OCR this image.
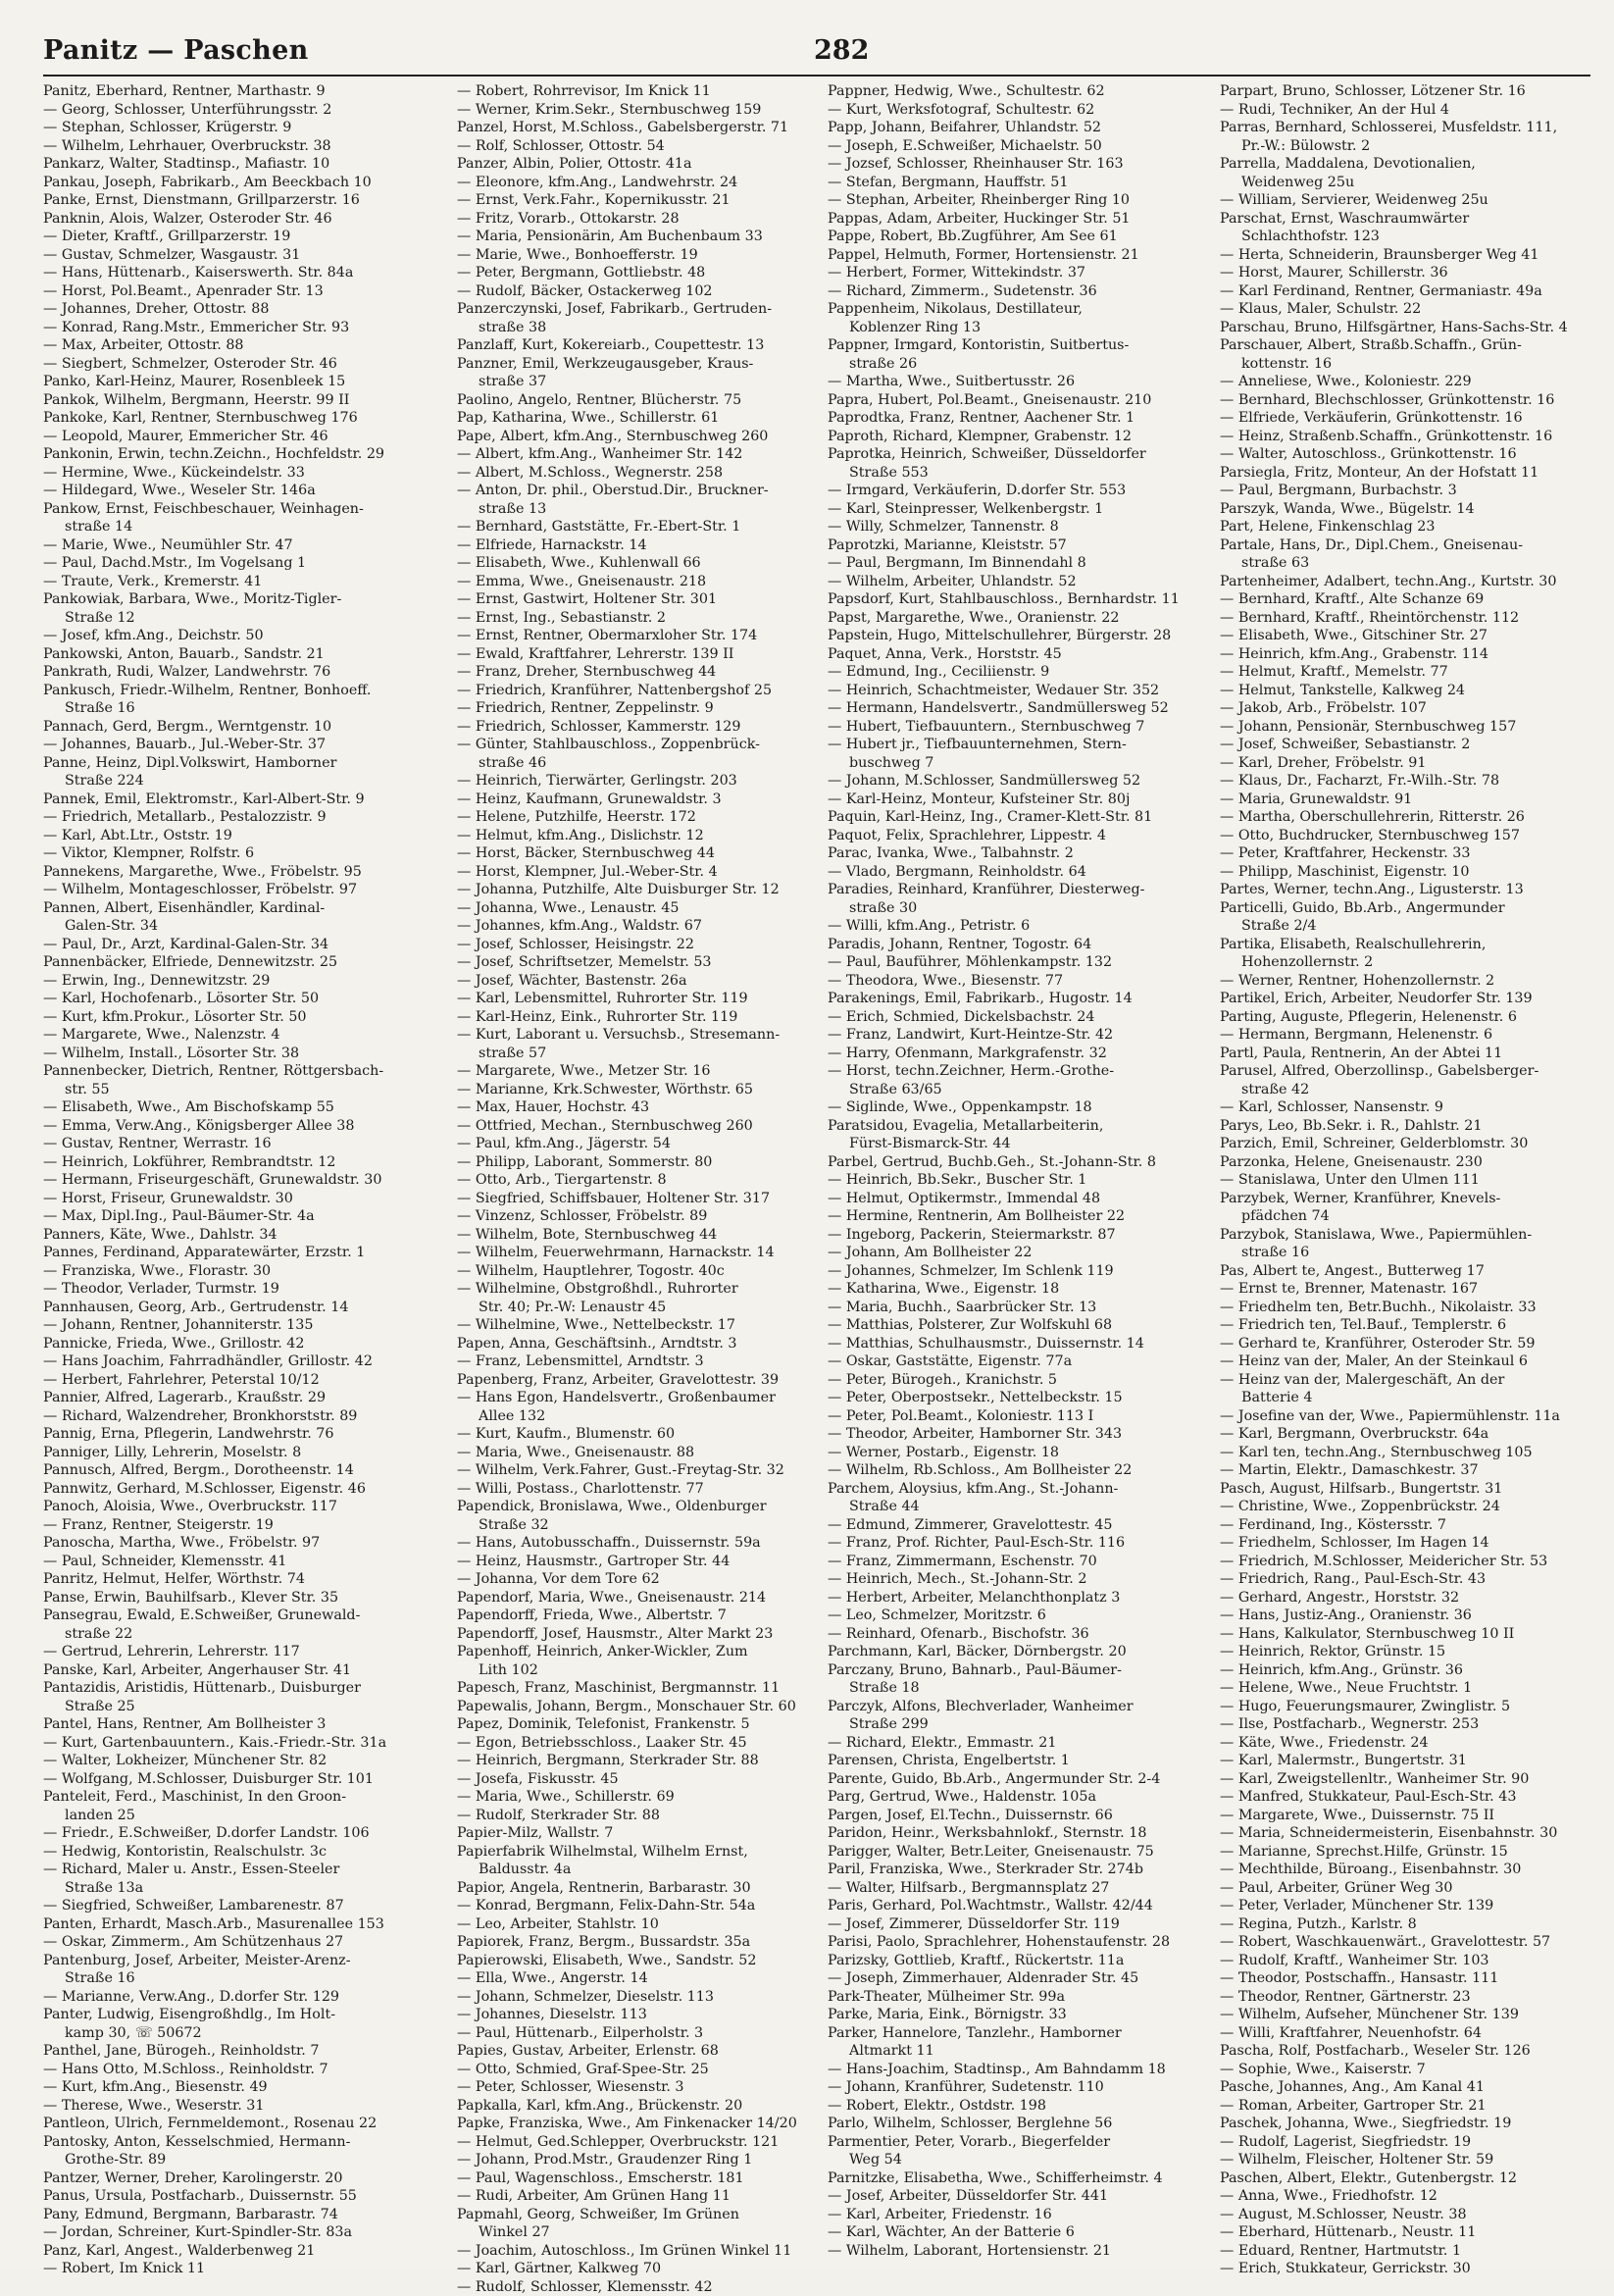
Panitz — Paschen	282
Panitz, Eberhard, Rentner, Marthastr. 9
— Georg, Schlosser, Unterführungsstr. 2
— Stephan, Schlosser, Krügerstr. 9
— Wilhelm, Lehrhauer, Overbruckstr. 38
Pankarz, Walter, Stadtinsp., Mafiastr. 10
Pankau, Joseph, Fabrikarb., Am Beeckbach 10
Panke, Ernst, Dienstmann, Grillparzerstr. 16
Panknin, Alois, Walzer, Osteroder Str. 46
— Dieter, Kraftf., Grillparzerstr. 19
— Gustav, Schmelzer, Wasgaustr. 31
— Hans, Hüttenarb., Kaiserswerth. Str. 84a
— Horst, Pol.Beamt., Apenrader Str. 13
— Johannes, Dreher, Ottostr. 88
— Konrad, Rang.Mstr., Emmericher Str. 93
— Max, Arbeiter, Ottostr. 88
— Siegbert, Schmelzer, Osteroder Str. 46
Panko, Karl-Heinz, Maurer, Rosenbleek 15
Pankok, Wilhelm, Bergmann, Heerstr. 99 II
Pankoke, Karl, Rentner, Sternbuschweg 176
— Leopold, Maurer, Emmericher Str. 46
Pankonin, Erwin, techn.Zeichn., Hochfeldstr. 29
— Hermine, Wwe., Kückeindelstr. 33
— Hildegard, Wwe., Weseler Str. 146a
Pankow, Ernst, Feischbeschauer, Weinhagen-
straße 14
— Marie, Wwe., Neumühler Str. 47
— Paul, Dachd.Mstr., Im Vogelsang 1
— Traute, Verk., Kremerstr. 41
Pankowiak, Barbara, Wwe., Moritz-Tigler-
Straße 12
— Josef, kfm.Ang., Deichstr. 50
Pankowski, Anton, Bauarb., Sandstr. 21
Pankrath, Rudi, Walzer, Landwehrstr. 76
Pankusch, Friedr.-Wilhelm, Rentner, Bonhoeff.
Straße 16
Pannach, Gerd, Bergm., Werntgenstr. 10
— Johannes, Bauarb., Jul.-Weber-Str. 37
Panne, Heinz, Dipl.Volkswirt, Hamborner
Straße 224
Pannek, Emil, Elektromstr., Karl-Albert-Str. 9
— Friedrich, Metallarb., Pestalozzistr. 9
— Karl, Abt.Ltr., Oststr. 19
— Viktor, Klempner, Rolfstr. 6
Pannekens, Margarethe, Wwe., Fröbelstr. 95
— Wilhelm, Montageschlosser, Fröbelstr. 97
Pannen, Albert, Eisenhändler, Kardinal-
Galen-Str. 34
— Paul, Dr., Arzt, Kardinal-Galen-Str. 34
Pannenbäcker, Elfriede, Dennewitzstr. 25
— Erwin, Ing., Dennewitzstr. 29
— Karl, Hochofenarb., Lösorter Str. 50
— Kurt, kfm.Prokur., Lösorter Str. 50
— Margarete, Wwe., Nalenzstr. 4
— Wilhelm, Install., Lösorter Str. 38
Pannenbecker, Dietrich, Rentner, Röttgersbach-
str. 55
— Elisabeth, Wwe., Am Bischofskamp 55
— Emma, Verw.Ang., Königsberger Allee 38
— Gustav, Rentner, Werrastr. 16
— Heinrich, Lokführer, Rembrandtstr. 12
— Hermann, Friseurgeschäft, Grunewaldstr. 30
— Horst, Friseur, Grunewaldstr. 30
— Max, Dipl.Ing., Paul-Bäumer-Str. 4a
Panners, Käte, Wwe., Dahlstr. 34
Pannes, Ferdinand, Apparatewärter, Erzstr. 1
— Franziska, Wwe., Florastr. 30
— Theodor, Verlader, Turmstr. 19
Pannhausen, Georg, Arb., Gertrudenstr. 14
— Johann, Rentner, Johanniterstr. 135
Pannicke, Frieda, Wwe., Grillostr. 42
— Hans Joachim, Fahrradhändler, Grillostr. 42
— Herbert, Fahrlehrer, Peterstal 10/12
Pannier, Alfred, Lagerarb., Kraußstr. 29
— Richard, Walzendreher, Bronkhorststr. 89
Pannig, Erna, Pflegerin, Landwehrstr. 76
Panniger, Lilly, Lehrerin, Moselstr. 8
Pannusch, Alfred, Bergm., Dorotheenstr. 14
Pannwitz, Gerhard, M.Schlosser, Eigenstr. 46
Panoch, Aloisia, Wwe., Overbruckstr. 117
— Franz, Rentner, Steigerstr. 19
Panoscha, Martha, Wwe., Fröbelstr. 97
— Paul, Schneider, Klemensstr. 41
Panritz, Helmut, Helfer, Wörthstr. 74
Panse, Erwin, Bauhilfsarb., Klever Str. 35
Pansegrau, Ewald, E.Schweißer, Grunewald-
straße 22
— Gertrud, Lehrerin, Lehrerstr. 117
Panske, Karl, Arbeiter, Angerhauser Str. 41
Pantazidis, Aristidis, Hüttenarb., Duisburger
Straße 25
Pantel, Hans, Rentner, Am Bollheister 3
— Kurt, Gartenbauuntern., Kais.-Friedr.-Str. 31a
— Walter, Lokheizer, Münchener Str. 82
— Wolfgang, M.Schlosser, Duisburger Str. 101
Panteleit, Ferd., Maschinist, In den Groon-
landen 25
— Friedr., E.Schweißer, D.dorfer Landstr. 106
— Hedwig, Kontoristin, Realschulstr. 3c
— Richard, Maler u. Anstr., Essen-Steeler
Straße 13a
— Siegfried, Schweißer, Lambarenestr. 87
Panten, Erhardt, Masch.Arb., Masurenallee 153
— Oskar, Zimmerm., Am Schützenhaus 27
Pantenburg, Josef, Arbeiter, Meister-Arenz-
Straße 16
— Marianne, Verw.Ang., D.dorfer Str. 129
Panter, Ludwig, Eisengroßhdlg., Im Holt-
kamp 30, ☏ 50672
Panthel, Jane, Bürogeh., Reinholdstr. 7
— Hans Otto, M.Schloss., Reinholdstr. 7
— Kurt, kfm.Ang., Biesenstr. 49
— Therese, Wwe., Weserstr. 31
Pantleon, Ulrich, Fernmeldemont., Rosenau 22
Pantosky, Anton, Kesselschmied, Hermann-
Grothe-Str. 89
Pantzer, Werner, Dreher, Karolingerstr. 20
Panus, Ursula, Postfacharb., Duissernstr. 55
Pany, Edmund, Bergmann, Barbarastr. 74
— Jordan, Schreiner, Kurt-Spindler-Str. 83a
Panz, Karl, Angest., Walderbenweg 21
— Robert, Im Knick 11
— Robert, Rohrrevisor, Im Knick 11
— Werner, Krim.Sekr., Sternbuschweg 159
Panzel, Horst, M.Schloss., Gabelsbergerstr. 71
— Rolf, Schlosser, Ottostr. 54
Panzer, Albin, Polier, Ottostr. 41a
— Eleonore, kfm.Ang., Landwehrstr. 24
— Ernst, Verk.Fahr., Kopernikusstr. 21
— Fritz, Vorarb., Ottokarstr. 28
— Maria, Pensionärin, Am Buchenbaum 33
— Marie, Wwe., Bonhoefferstr. 19
— Peter, Bergmann, Gottliebstr. 48
— Rudolf, Bäcker, Ostackerweg 102
Panzerczynski, Josef, Fabrikarb., Gertruden-
straße 38
Panzlaff, Kurt, Kokereiarb., Coupettestr. 13
Panzner, Emil, Werkzeugausgeber, Kraus-
straße 37
Paolino, Angelo, Rentner, Blücherstr. 75
Pap, Katharina, Wwe., Schillerstr. 61
Pape, Albert, kfm.Ang., Sternbuschweg 260
— Albert, kfm.Ang., Wanheimer Str. 142
— Albert, M.Schloss., Wegnerstr. 258
— Anton, Dr. phil., Oberstud.Dir., Bruckner-
straße 13
— Bernhard, Gaststätte, Fr.-Ebert-Str. 1
— Elfriede, Harnackstr. 14
— Elisabeth, Wwe., Kuhlenwall 66
— Emma, Wwe., Gneisenaustr. 218
— Ernst, Gastwirt, Holtener Str. 301
— Ernst, Ing., Sebastianstr. 2
— Ernst, Rentner, Obermarxloher Str. 174
— Ewald, Kraftfahrer, Lehrerstr. 139 II
— Franz, Dreher, Sternbuschweg 44
— Friedrich, Kranführer, Nattenbergshof 25
— Friedrich, Rentner, Zeppelinstr. 9
— Friedrich, Schlosser, Kammerstr. 129
— Günter, Stahlbauschloss., Zoppenbrück-
straße 46
— Heinrich, Tierwärter, Gerlingstr. 203
— Heinz, Kaufmann, Grunewaldstr. 3
— Helene, Putzhilfe, Heerstr. 172
— Helmut, kfm.Ang., Dislichstr. 12
— Horst, Bäcker, Sternbuschweg 44
— Horst, Klempner, Jul.-Weber-Str. 4
— Johanna, Putzhilfe, Alte Duisburger Str. 12
— Johanna, Wwe., Lenaustr. 45
— Johannes, kfm.Ang., Waldstr. 67
— Josef, Schlosser, Heisingstr. 22
— Josef, Schriftsetzer, Memelstr. 53
— Josef, Wächter, Bastenstr. 26a
— Karl, Lebensmittel, Ruhrorter Str. 119
— Karl-Heinz, Eink., Ruhrorter Str. 119
— Kurt, Laborant u. Versuchsb., Stresemann-
straße 57
— Margarete, Wwe., Metzer Str. 16
— Marianne, Krk.Schwester, Wörthstr. 65
— Max, Hauer, Hochstr. 43
— Ottfried, Mechan., Sternbuschweg 260
— Paul, kfm.Ang., Jägerstr. 54
— Philipp, Laborant, Sommerstr. 80
— Otto, Arb., Tiergartenstr. 8
— Siegfried, Schiffsbauer, Holtener Str. 317
— Vinzenz, Schlosser, Fröbelstr. 89
— Wilhelm, Bote, Sternbuschweg 44
— Wilhelm, Feuerwehrmann, Harnackstr. 14
— Wilhelm, Hauptlehrer, Togostr. 40c
— Wilhelmine, Obstgroßhdl., Ruhrorter
Str. 40; Pr.-W: Lenaustr 45
— Wilhelmine, Wwe., Nettelbeckstr. 17
Papen, Anna, Geschäftsinh., Arndtstr. 3
— Franz, Lebensmittel, Arndtstr. 3
Papenberg, Franz, Arbeiter, Gravelottestr. 39
— Hans Egon, Handelsvertr., Großenbaumer
Allee 132
— Kurt, Kaufm., Blumenstr. 60
— Maria, Wwe., Gneisenaustr. 88
— Wilhelm, Verk.Fahrer, Gust.-Freytag-Str. 32
— Willi, Postass., Charlottenstr. 77
Papendick, Bronislawa, Wwe., Oldenburger
Straße 32
— Hans, Autobusschaffn., Duissernstr. 59a
— Heinz, Hausmstr., Gartroper Str. 44
— Johanna, Vor dem Tore 62
Papendorf, Maria, Wwe., Gneisenaustr. 214
Papendorff, Frieda, Wwe., Albertstr. 7
Papendorff, Josef, Hausmstr., Alter Markt 23
Papenhoff, Heinrich, Anker-Wickler, Zum
Lith 102
Papesch, Franz, Maschinist, Bergmannstr. 11
Papewalis, Johann, Bergm., Monschauer Str. 60
Papez, Dominik, Telefonist, Frankenstr. 5
— Egon, Betriebsschloss., Laaker Str. 45
— Heinrich, Bergmann, Sterkrader Str. 88
— Josefa, Fiskusstr. 45
— Maria, Wwe., Schillerstr. 69
— Rudolf, Sterkrader Str. 88
Papier-Milz, Wallstr. 7
Papierfabrik Wilhelmstal, Wilhelm Ernst,
Baldusstr. 4a
Papior, Angela, Rentnerin, Barbarastr. 30
— Konrad, Bergmann, Felix-Dahn-Str. 54a
— Leo, Arbeiter, Stahlstr. 10
Papiorek, Franz, Bergm., Bussardstr. 35a
Papierowski, Elisabeth, Wwe., Sandstr. 52
— Ella, Wwe., Angerstr. 14
— Johann, Schmelzer, Dieselstr. 113
— Johannes, Dieselstr. 113
— Paul, Hüttenarb., Eilperholstr. 3
Papies, Gustav, Arbeiter, Erlenstr. 68
— Otto, Schmied, Graf-Spee-Str. 25
— Peter, Schlosser, Wiesenstr. 3
Papkalla, Karl, kfm.Ang., Brückenstr. 20
Papke, Franziska, Wwe., Am Finkenacker 14/20
— Helmut, Ged.Schlepper, Overbruckstr. 121
— Johann, Prod.Mstr., Graudenzer Ring 1
— Paul, Wagenschloss., Emscherstr. 181
— Rudi, Arbeiter, Am Grünen Hang 11
Papmahl, Georg, Schweißer, Im Grünen
Winkel 27
— Joachim, Autoschloss., Im Grünen Winkel 11
— Karl, Gärtner, Kalkweg 70
— Rudolf, Schlosser, Klemensstr. 42
Pappner, Hedwig, Wwe., Schultestr. 62
— Kurt, Werksfotograf, Schultestr. 62
Papp, Johann, Beifahrer, Uhlandstr. 52
— Joseph, E.Schweißer, Michaelstr. 50
— Jozsef, Schlosser, Rheinhauser Str. 163
— Stefan, Bergmann, Hauffstr. 51
— Stephan, Arbeiter, Rheinberger Ring 10
Pappas, Adam, Arbeiter, Huckinger Str. 51
Pappe, Robert, Bb.Zugführer, Am See 61
Pappel, Helmuth, Former, Hortensienstr. 21
— Herbert, Former, Wittekindstr. 37
— Richard, Zimmerm., Sudetenstr. 36
Pappenheim, Nikolaus, Destillateur,
Koblenzer Ring 13
Pappner, Irmgard, Kontoristin, Suitbertus-
straße 26
— Martha, Wwe., Suitbertusstr. 26
Papra, Hubert, Pol.Beamt., Gneisenaustr. 210
Paprodtka, Franz, Rentner, Aachener Str. 1
Paproth, Richard, Klempner, Grabenstr. 12
Paprotka, Heinrich, Schweißer, Düsseldorfer
Straße 553
— Irmgard, Verkäuferin, D.dorfer Str. 553
— Karl, Steinpresser, Welkenbergstr. 1
— Willy, Schmelzer, Tannenstr. 8
Paprotzki, Marianne, Kleiststr. 57
— Paul, Bergmann, Im Binnendahl 8
— Wilhelm, Arbeiter, Uhlandstr. 52
Papsdorf, Kurt, Stahlbauschloss., Bernhardstr. 11
Papst, Margarethe, Wwe., Oranienstr. 22
Papstein, Hugo, Mittelschullehrer, Bürgerstr. 28
Paquet, Anna, Verk., Horststr. 45
— Edmund, Ing., Ceciliienstr. 9
— Heinrich, Schachtmeister, Wedauer Str. 352
— Hermann, Handelsvertr., Sandmüllersweg 52
— Hubert, Tiefbauuntern., Sternbuschweg 7
— Hubert jr., Tiefbauunternehmen, Stern-
buschweg 7
— Johann, M.Schlosser, Sandmüllersweg 52
— Karl-Heinz, Monteur, Kufsteiner Str. 80j
Paquin, Karl-Heinz, Ing., Cramer-Klett-Str. 81
Paquot, Felix, Sprachlehrer, Lippestr. 4
Parac, Ivanka, Wwe., Talbahnstr. 2
— Vlado, Bergmann, Reinholdstr. 64
Paradies, Reinhard, Kranführer, Diesterweg-
straße 30
— Willi, kfm.Ang., Petristr. 6
Paradis, Johann, Rentner, Togostr. 64
— Paul, Bauführer, Möhlenkampstr. 132
— Theodora, Wwe., Biesenstr. 77
Parakenings, Emil, Fabrikarb., Hugostr. 14
— Erich, Schmied, Dickelsbachstr. 24
— Franz, Landwirt, Kurt-Heintze-Str. 42
— Harry, Ofenmann, Markgrafenstr. 32
— Horst, techn.Zeichner, Herm.-Grothe-
Straße 63/65
— Siglinde, Wwe., Oppenkampstr. 18
Paratsidou, Evagelia, Metallarbeiterin,
Fürst-Bismarck-Str. 44
Parbel, Gertrud, Buchb.Geh., St.-Johann-Str. 8
— Heinrich, Bb.Sekr., Buscher Str. 1
— Helmut, Optikermstr., Immendal 48
— Hermine, Rentnerin, Am Bollheister 22
— Ingeborg, Packerin, Steiermarkstr. 87
— Johann, Am Bollheister 22
— Johannes, Schmelzer, Im Schlenk 119
— Katharina, Wwe., Eigenstr. 18
— Maria, Buchh., Saarbrücker Str. 13
— Matthias, Polsterer, Zur Wolfskuhl 68
— Matthias, Schulhausmstr., Duissernstr. 14
— Oskar, Gaststätte, Eigenstr. 77a
— Peter, Bürogeh., Kranichstr. 5
— Peter, Oberpostsekr., Nettelbeckstr. 15
— Peter, Pol.Beamt., Koloniestr. 113 I
— Theodor, Arbeiter, Hamborner Str. 343
— Werner, Postarb., Eigenstr. 18
— Wilhelm, Rb.Schloss., Am Bollheister 22
Parchem, Aloysius, kfm.Ang., St.-Johann-
Straße 44
— Edmund, Zimmerer, Gravelottestr. 45
— Franz, Prof. Richter, Paul-Esch-Str. 116
— Franz, Zimmermann, Eschenstr. 70
— Heinrich, Mech., St.-Johann-Str. 2
— Herbert, Arbeiter, Melanchthonplatz 3
— Leo, Schmelzer, Moritzstr. 6
— Reinhard, Ofenarb., Bischofstr. 36
Parchmann, Karl, Bäcker, Dörnbergstr. 20
Parczany, Bruno, Bahnarb., Paul-Bäumer-
Straße 18
Parczyk, Alfons, Blechverlader, Wanheimer
Straße 299
— Richard, Elektr., Emmastr. 21
Parensen, Christa, Engelbertstr. 1
Parente, Guido, Bb.Arb., Angermunder Str. 2-4
Parg, Gertrud, Wwe., Haldenstr. 105a
Pargen, Josef, El.Techn., Duissernstr. 66
Paridon, Heinr., Werksbahnlokf., Sternstr. 18
Parigger, Walter, Betr.Leiter, Gneisenaustr. 75
Paril, Franziska, Wwe., Sterkrader Str. 274b
— Walter, Hilfsarb., Bergmannsplatz 27
Paris, Gerhard, Pol.Wachtmstr., Wallstr. 42/44
— Josef, Zimmerer, Düsseldorfer Str. 119
Parisi, Paolo, Sprachlehrer, Hohenstaufenstr. 28
Parizsky, Gottlieb, Kraftf., Rückertstr. 11a
— Joseph, Zimmerhauer, Aldenrader Str. 45
Park-Theater, Mülheimer Str. 99a
Parke, Maria, Eink., Börnigstr. 33
Parker, Hannelore, Tanzlehr., Hamborner
Altmarkt 11
— Hans-Joachim, Stadtinsp., Am Bahndamm 18
— Johann, Kranführer, Sudetenstr. 110
— Robert, Elektr., Ostdstr. 198
Parlo, Wilhelm, Schlosser, Berglehne 56
Parmentier, Peter, Vorarb., Biegerfelder
Weg 54
Parnitzke, Elisabetha, Wwe., Schifferheimstr. 4
— Josef, Arbeiter, Düsseldorfer Str. 441
— Karl, Arbeiter, Friedenstr. 16
— Karl, Wächter, An der Batterie 6
— Wilhelm, Laborant, Hortensienstr. 21
Parpart, Bruno, Schlosser, Lötzener Str. 16
— Rudi, Techniker, An der Hul 4
Parras, Bernhard, Schlosserei, Musfeldstr. 111,
Pr.-W.: Bülowstr. 2
Parrella, Maddalena, Devotionalien,
Weidenweg 25u
— William, Servierer, Weidenweg 25u
Parschat, Ernst, Waschraumwärter
Schlachthofstr. 123
— Herta, Schneiderin, Braunsberger Weg 41
— Horst, Maurer, Schillerstr. 36
— Karl Ferdinand, Rentner, Germaniastr. 49a
— Klaus, Maler, Schulstr. 22
Parschau, Bruno, Hilfsgärtner, Hans-Sachs-Str. 4
Parschauer, Albert, Straßb.Schaffn., Grün-
kottenstr. 16
— Anneliese, Wwe., Koloniestr. 229
— Bernhard, Blechschlosser, Grünkottenstr. 16
— Elfriede, Verkäuferin, Grünkottenstr. 16
— Heinz, Straßenb.Schaffn., Grünkottenstr. 16
— Walter, Autoschloss., Grünkottenstr. 16
Parsiegla, Fritz, Monteur, An der Hofstatt 11
— Paul, Bergmann, Burbachstr. 3
Parszyk, Wanda, Wwe., Bügelstr. 14
Part, Helene, Finkenschlag 23
Partale, Hans, Dr., Dipl.Chem., Gneisenau-
straße 63
Partenheimer, Adalbert, techn.Ang., Kurtstr. 30
— Bernhard, Kraftf., Alte Schanze 69
— Bernhard, Kraftf., Rheintörchenstr. 112
— Elisabeth, Wwe., Gitschiner Str. 27
— Heinrich, kfm.Ang., Grabenstr. 114
— Helmut, Kraftf., Memelstr. 77
— Helmut, Tankstelle, Kalkweg 24
— Jakob, Arb., Fröbelstr. 107
— Johann, Pensionär, Sternbuschweg 157
— Josef, Schweißer, Sebastianstr. 2
— Karl, Dreher, Fröbelstr. 91
— Klaus, Dr., Facharzt, Fr.-Wilh.-Str. 78
— Maria, Grunewaldstr. 91
— Martha, Oberschullehrerin, Ritterstr. 26
— Otto, Buchdrucker, Sternbuschweg 157
— Peter, Kraftfahrer, Heckenstr. 33
— Philipp, Maschinist, Eigenstr. 10
Partes, Werner, techn.Ang., Ligusterstr. 13
Particelli, Guido, Bb.Arb., Angermunder
Straße 2/4
Partika, Elisabeth, Realschullehrerin,
Hohenzollernstr. 2
— Werner, Rentner, Hohenzollernstr. 2
Partikel, Erich, Arbeiter, Neudorfer Str. 139
Parting, Auguste, Pflegerin, Helenenstr. 6
— Hermann, Bergmann, Helenenstr. 6
Partl, Paula, Rentnerin, An der Abtei 11
Parusel, Alfred, Oberzollinsp., Gabelsberger-
straße 42
— Karl, Schlosser, Nansenstr. 9
Parys, Leo, Bb.Sekr. i. R., Dahlstr. 21
Parzich, Emil, Schreiner, Gelderblomstr. 30
Parzonka, Helene, Gneisenaustr. 230
— Stanislawa, Unter den Ulmen 111
Parzybek, Werner, Kranführer, Knevels-
pfädchen 74
Parzybok, Stanislawa, Wwe., Papiermühlen-
straße 16
Pas, Albert te, Angest., Butterweg 17
— Ernst te, Brenner, Matenastr. 167
— Friedhelm ten, Betr.Buchh., Nikolaistr. 33
— Friedrich ten, Tel.Bauf., Templerstr. 6
— Gerhard te, Kranführer, Osteroder Str. 59
— Heinz van der, Maler, An der Steinkaul 6
— Heinz van der, Malergeschäft, An der
Batterie 4
— Josefine van der, Wwe., Papiermühlenstr. 11a
— Karl, Bergmann, Overbruckstr. 64a
— Karl ten, techn.Ang., Sternbuschweg 105
— Martin, Elektr., Damaschkestr. 37
Pasch, August, Hilfsarb., Bungertstr. 31
— Christine, Wwe., Zoppenbrückstr. 24
— Ferdinand, Ing., Köstersstr. 7
— Friedhelm, Schlosser, Im Hagen 14
— Friedrich, M.Schlosser, Meidericher Str. 53
— Friedrich, Rang., Paul-Esch-Str. 43
— Gerhard, Angestr., Horststr. 32
— Hans, Justiz-Ang., Oranienstr. 36
— Hans, Kalkulator, Sternbuschweg 10 II
— Heinrich, Rektor, Grünstr. 15
— Heinrich, kfm.Ang., Grünstr. 36
— Helene, Wwe., Neue Fruchtstr. 1
— Hugo, Feuerungsmaurer, Zwinglistr. 5
— Ilse, Postfacharb., Wegnerstr. 253
— Käte, Wwe., Friedenstr. 24
— Karl, Malermstr., Bungertstr. 31
— Karl, Zweigstellenltr., Wanheimer Str. 90
— Manfred, Stukkateur, Paul-Esch-Str. 43
— Margarete, Wwe., Duissernstr. 75 II
— Maria, Schneidermeisterin, Eisenbahnstr. 30
— Marianne, Sprechst.Hilfe, Grünstr. 15
— Mechthilde, Büroang., Eisenbahnstr. 30
— Paul, Arbeiter, Grüner Weg 30
— Peter, Verlader, Münchener Str. 139
— Regina, Putzh., Karlstr. 8
— Robert, Waschkauenwärt., Gravelottestr. 57
— Rudolf, Kraftf., Wanheimer Str. 103
— Theodor, Postschaffn., Hansastr. 111
— Theodor, Rentner, Gärtnerstr. 23
— Wilhelm, Aufseher, Münchener Str. 139
— Willi, Kraftfahrer, Neuenhofstr. 64
Pascha, Rolf, Postfacharb., Weseler Str. 126
— Sophie, Wwe., Kaiserstr. 7
Pasche, Johannes, Ang., Am Kanal 41
— Roman, Arbeiter, Gartroper Str. 21
Paschek, Johanna, Wwe., Siegfriedstr. 19
— Rudolf, Lagerist, Siegfriedstr. 19
— Wilhelm, Fleischer, Holtener Str. 59
Paschen, Albert, Elektr., Gutenbergstr. 12
— Anna, Wwe., Friedhofstr. 12
— August, M.Schlosser, Neustr. 38
— Eberhard, Hüttenarb., Neustr. 11
— Eduard, Rentner, Hartmutstr. 1
— Erich, Stukkateur, Gerrickstr. 30
